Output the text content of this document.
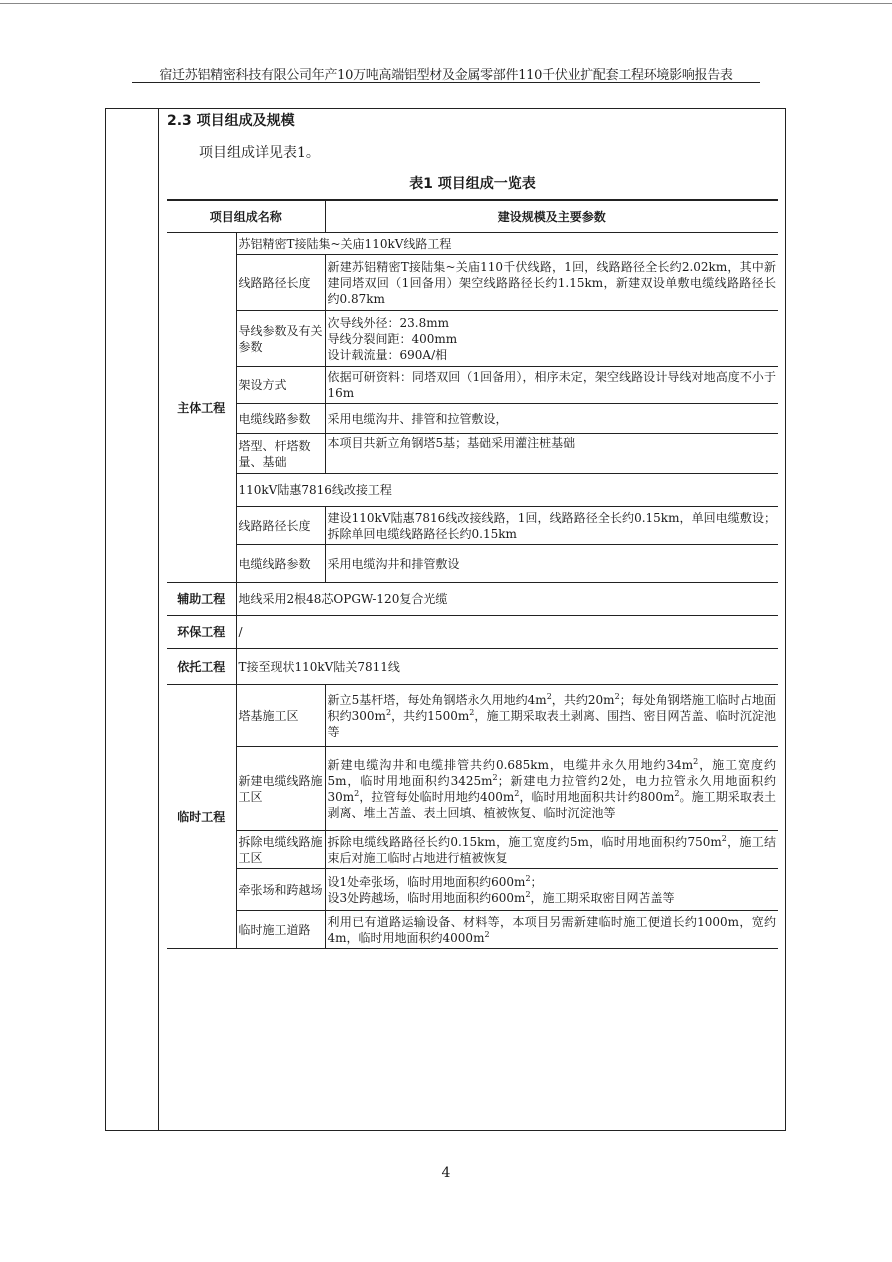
宿迁苏铝精密科技有限公司年产10万吨高端铝型材及金属零部件110千伏业扩配套工程环境影响报告表
2.3 项目组成及规模
项目组成详见表1。
表1 项目组成一览表
项目组成名称		建设规模及主要参数
主体工程	苏铝精密T接陆集~关庙110kV线路工程	
	线路路径长度	新建苏铝精密T接陆集~关庙110千伏线路，1回，线路路径全长约2.02km，其中新建同塔双回（1回备用）架空线路路径长约1.15km，新建双设单敷电缆线路路径长约0.87km
	导线参数及有关参数	次导线外径：23.8mm
导线分裂间距：400mm
设计载流量：690A/相

	架设方式	依据可研资料：同塔双回（1回备用），相序未定，架空线路设计导线对地高度不小于16m
	电缆线路参数	采用电缆沟井、排管和拉管敷设，
	塔型、杆塔数量、基础	本项目共新立角钢塔5基；基础采用灌注桩基础
	110kV陆惠7816线改接工程	
	线路路径长度	建设110kV陆惠7816线改接线路，1回，线路路径全长约0.15km，单回电缆敷设；拆除单回电缆线路路径长约0.15km
	电缆线路参数	采用电缆沟井和排管敷设
辅助工程	地线采用2根48芯OPGW-120复合光缆	
环保工程	/	
依托工程	T接至现状110kV陆关7811线	
临时工程	塔基施工区	新立5基杆塔，每处角钢塔永久用地约$4m^2$，共约$20m^2$；每处角钢塔施工临时占地面积约$300m^2$，共约$1500m^2$，施工期采取表土剥离、围挡、密目网苫盖、临时沉淀池等
	新建电缆线路施工区	新建电缆沟井和电缆排管共约0.685km，电缆井永久用地约$34m^2$，施工宽度约5m，临时用地面积约$3425m^2$；新建电力拉管约2处，电力拉管永久用地面积约$30m^2$，拉管每处临时用地约$400m^2$，临时用地面积共计约$800m^2$。施工期采取表土剥离、堆土苫盖、表土回填、植被恢复、临时沉淀池等
	拆除电缆线路施工区	拆除电缆线路路径长约0.15km，施工宽度约5m，临时用地面积约$750m^2$，施工结束后对施工临时占地进行植被恢复
	牵张场和跨越场	设1处牵张场，临时用地面积约$600m^2$；
设3处跨越场，临时用地面积约$600m^2$，施工期采取密目网苫盖等

	临时施工道路	利用已有道路运输设备、材料等，本项目另需新建临时施工便道长约1000m，宽约4m，临时用地面积约$4000m^2$
4
